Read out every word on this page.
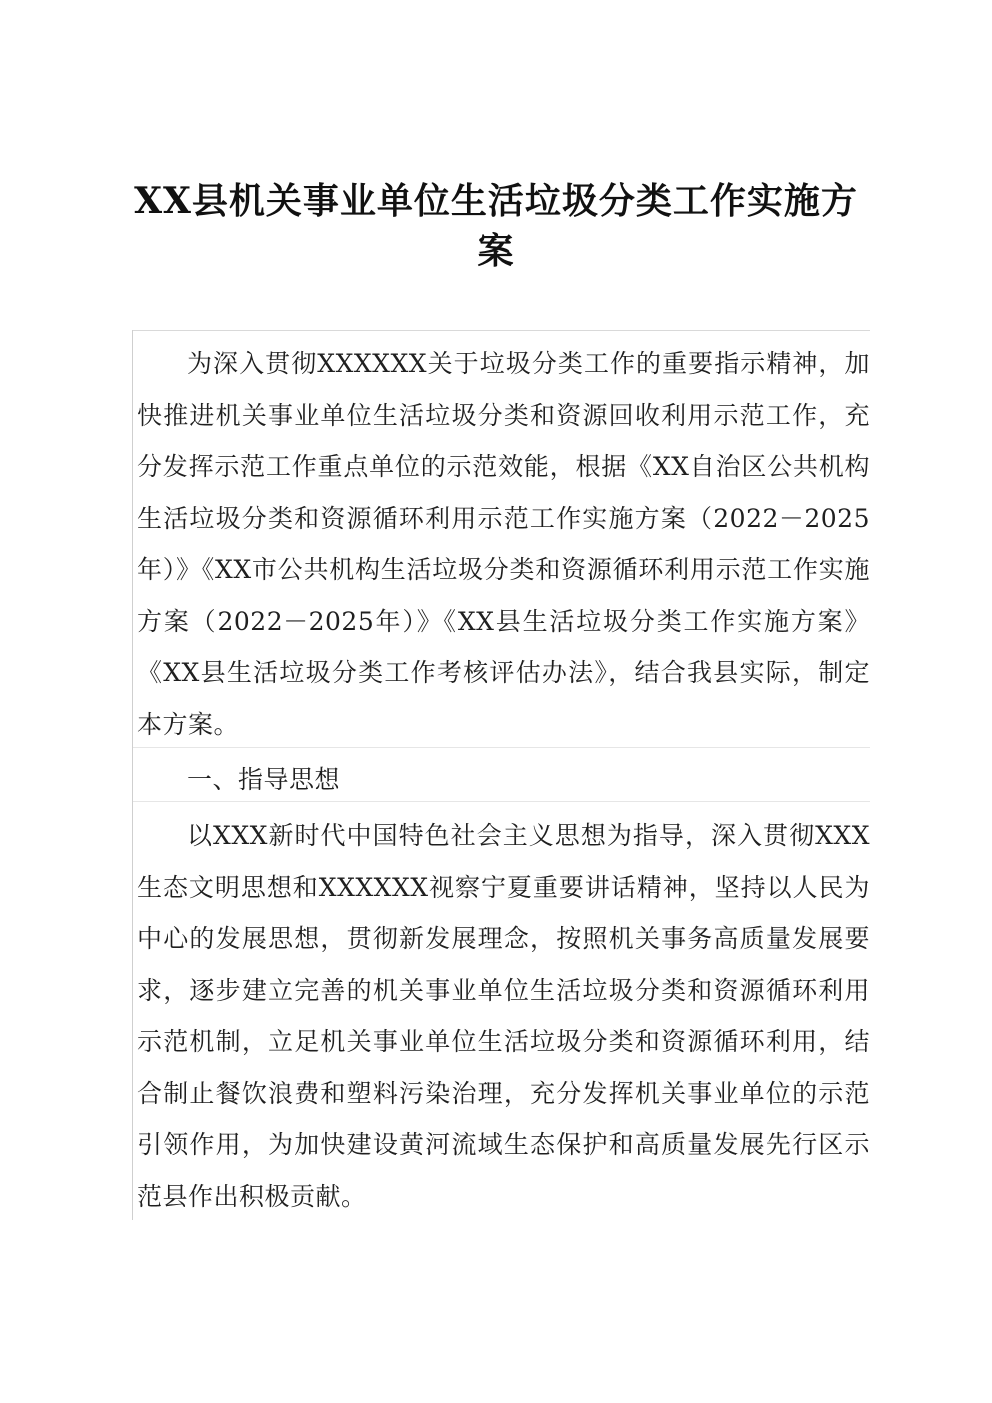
XX县机关事业单位生活垃圾分类工作实施方
案

为深入贯彻XXXXXX关于垃圾分类工作的重要指示精神，加快推进机关事业单位生活垃圾分类和资源回收利用示范工作，充分发挥示范工作重点单位的示范效能，根据《XX自治区公共机构生活垃圾分类和资源循环利用示范工作实施方案（2022－2025年）》《XX市公共机构生活垃圾分类和资源循环利用示范工作实施方案（2022－2025年）》《XX县生活垃圾分类工作实施方案》《XX县生活垃圾分类工作考核评估办法》，结合我县实际，制定本方案。

一、指导思想

以XXX新时代中国特色社会主义思想为指导，深入贯彻XXX生态文明思想和XXXXXX视察宁夏重要讲话精神，坚持以人民为中心的发展思想，贯彻新发展理念，按照机关事务高质量发展要求，逐步建立完善的机关事业单位生活垃圾分类和资源循环利用示范机制，立足机关事业单位生活垃圾分类和资源循环利用，结合制止餐饮浪费和塑料污染治理，充分发挥机关事业单位的示范引领作用，为加快建设黄河流域生态保护和高质量发展先行区示范县作出积极贡献。
